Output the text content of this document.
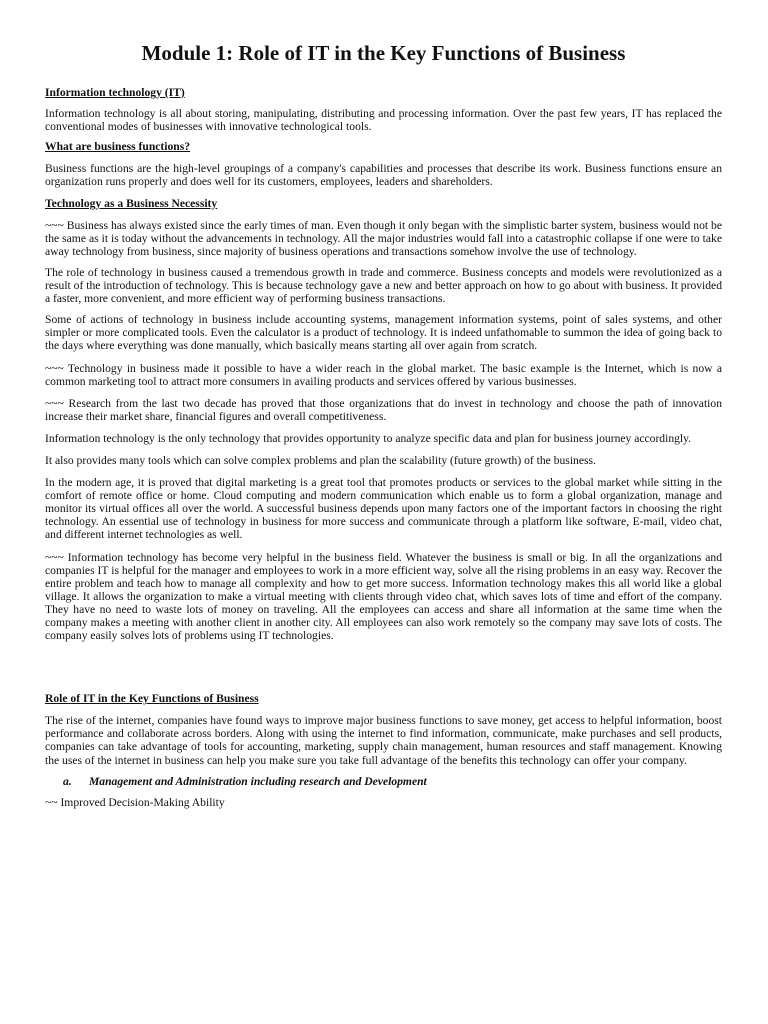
Module 1: Role of IT in the Key Functions of Business

Information technology (IT)

Information technology is all about storing, manipulating, distributing and processing information. Over the past few years, IT has replaced the conventional modes of businesses with innovative technological tools.

What are business functions?

Business functions are the high-level groupings of a company's capabilities and processes that describe its work. Business functions ensure an organization runs properly and does well for its customers, employees, leaders and shareholders.

Technology as a Business Necessity

~~~ Business has always existed since the early times of man. Even though it only began with the simplistic barter system, business would not be the same as it is today without the advancements in technology. All the major industries would fall into a catastrophic collapse if one were to take away technology from business, since majority of business operations and transactions somehow involve the use of technology.

The role of technology in business caused a tremendous growth in trade and commerce. Business concepts and models were revolutionized as a result of the introduction of technology. This is because technology gave a new and better approach on how to go about with business. It provided a faster, more convenient, and more efficient way of performing business transactions.

Some of actions of technology in business include accounting systems, management information systems, point of sales systems, and other simpler or more complicated tools. Even the calculator is a product of technology. It is indeed unfathomable to summon the idea of going back to the days where everything was done manually, which basically means starting all over again from scratch.

~~~ Technology in business made it possible to have a wider reach in the global market. The basic example is the Internet, which is now a common marketing tool to attract more consumers in availing products and services offered by various businesses.

~~~ Research from the last two decade has proved that those organizations that do invest in technology and choose the path of innovation increase their market share, financial figures and overall competitiveness.

Information technology is the only technology that provides opportunity to analyze specific data and plan for business journey accordingly.

It also provides many tools which can solve complex problems and plan the scalability (future growth) of the business.

In the modern age, it is proved that digital marketing is a great tool that promotes products or services to the global market while sitting in the comfort of remote office or home. Cloud computing and modern communication which enable us to form a global organization, manage and monitor its virtual offices all over the world. A successful business depends upon many factors one of the important factors in choosing the right technology. An essential use of technology in business for more success and communicate through a platform like software, E-mail, video chat, and different internet technologies as well.

~~~ Information technology has become very helpful in the business field. Whatever the business is small or big. In all the organizations and companies IT is helpful for the manager and employees to work in a more efficient way, solve all the rising problems in an easy way. Recover the entire problem and teach how to manage all complexity and how to get more success. Information technology makes this all world like a global village. It allows the organization to make a virtual meeting with clients through video chat, which saves lots of time and effort of the company. They have no need to waste lots of money on traveling. All the employees can access and share all information at the same time when the company makes a meeting with another client in another city. All employees can also work remotely so the company may save lots of costs. The company easily solves lots of problems using IT technologies.

Role of IT in the Key Functions of Business

The rise of the internet, companies have found ways to improve major business functions to save money, get access to helpful information, boost performance and collaborate across borders. Along with using the internet to find information, communicate, make purchases and sell products, companies can take advantage of tools for accounting, marketing, supply chain management, human resources and staff management. Knowing the uses of the internet in business can help you make sure you take full advantage of the benefits this technology can offer your company.

a. Management and Administration including research and Development

~~ Improved Decision-Making Ability
